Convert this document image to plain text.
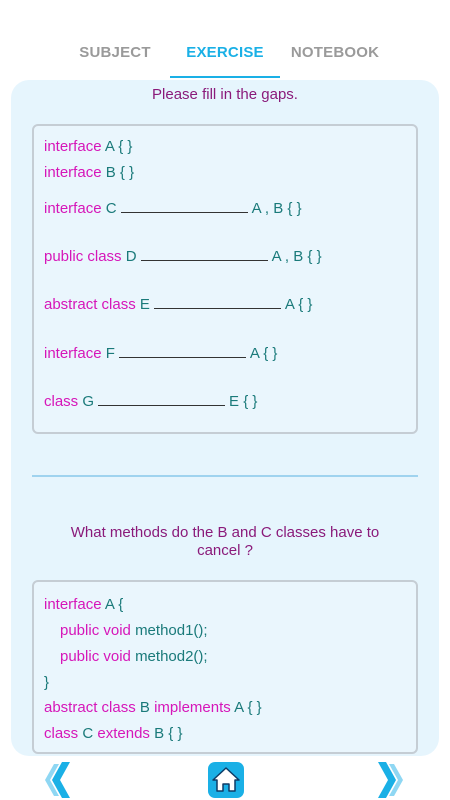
SUBJECT	EXERCISE	NOTEBOOK
Please fill in the gaps.
interface A { }
interface B { }
interface C	A , B { }
public class D	A , B { }
abstract class E	A { }
interface F	A { }
class G	E { }
What methods do the B and C classes have to
cancel ?
interface A {
public void method1();
public void method2();
}
abstract class B implements A { }
class C extends B { }
